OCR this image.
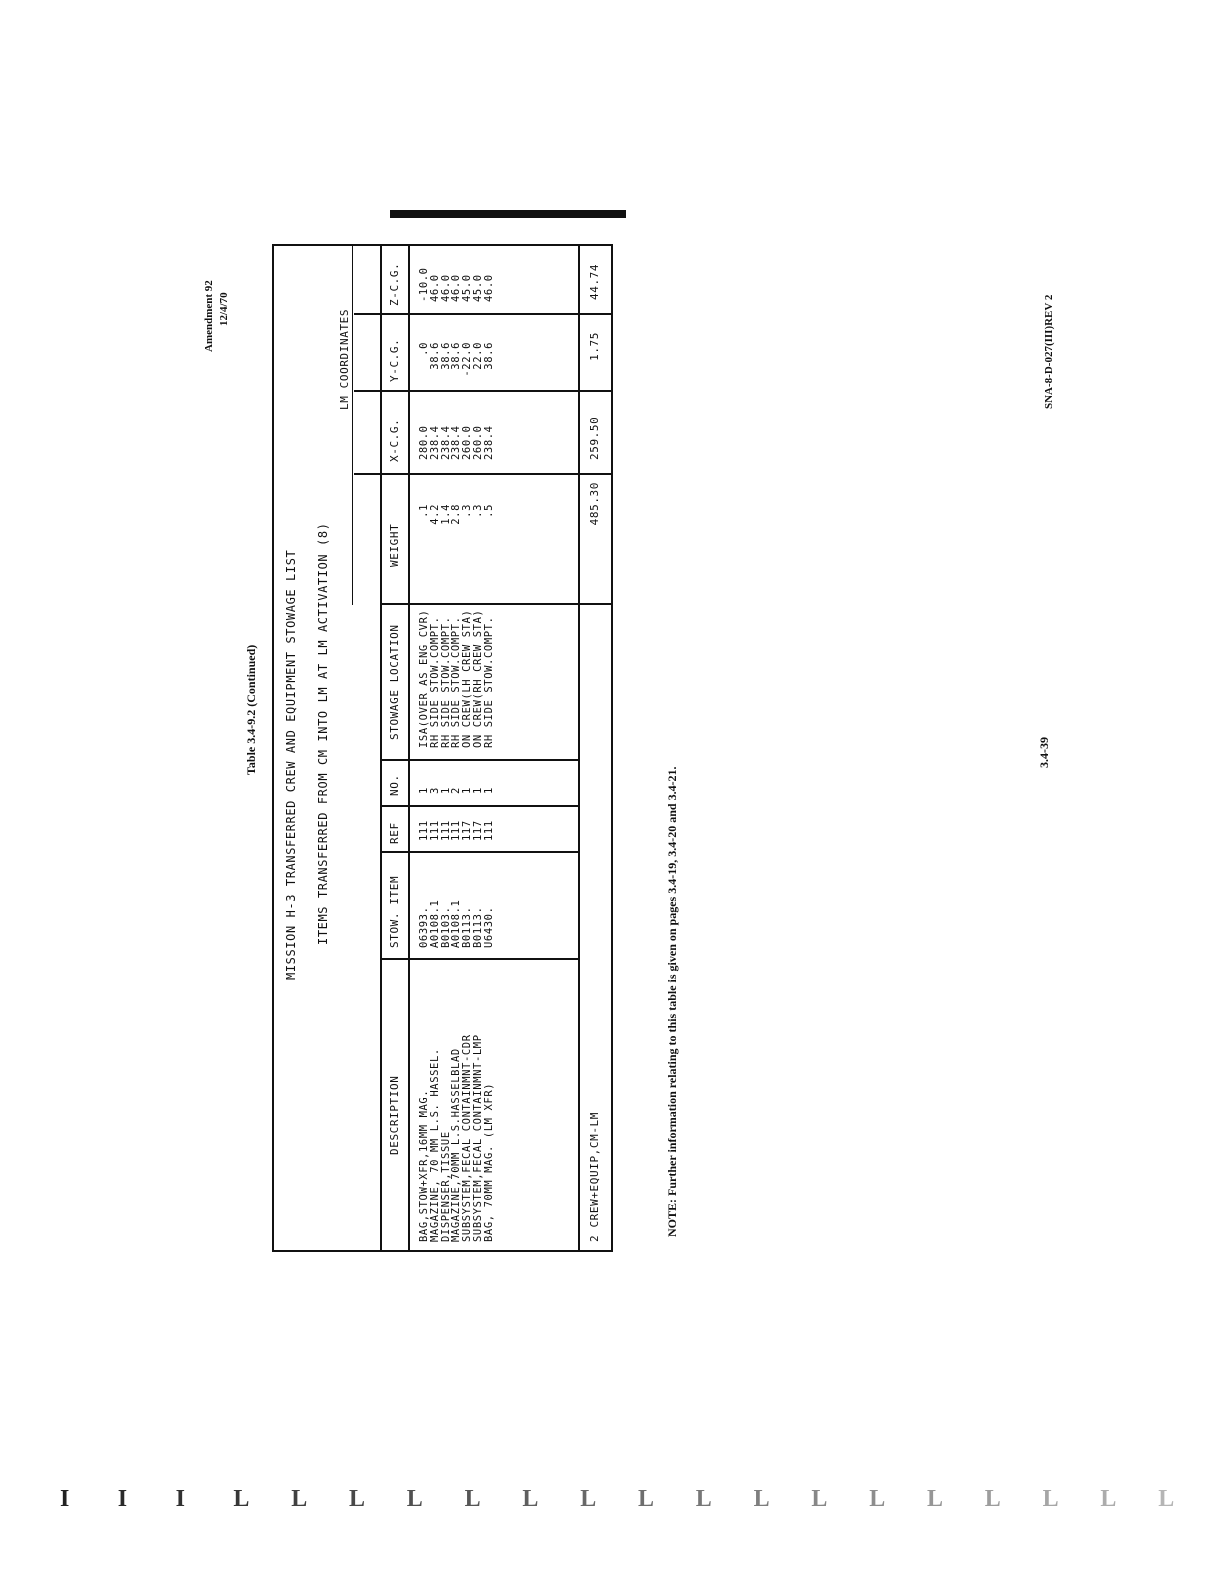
Amendment 92 12/4/70
Table 3.4-9.2 (Continued) MISSION H-3 TRANSFERRED CREW AND EQUIPMENT STOWAGE LIST ITEMS TRANSFERRED FROM CM INTO LM AT LM ACTIVATION (8)
LM COORDINATES
DESCRIPTION
STOW. ITEM
REF
NO.
STOWAGE LOCATION
WEIGHT
X-C.G.
Y-C.G.
Z-C.G.
BAG,STOW+XFR,16MM MAG.
06393.
111
1
ISA(OVER AS ENG CVR)
.1
280.0
.0
-10.0
MAGAZINE, 70 MM L.S. HASSEL.
A0108.1
111
3
RH SIDE STOW.COMPT.
4.2
238.4
38.6
46.0
DISPENSER,TISSUE
B0103.
111
1
RH SIDE STOW.COMPT.
1.4
238.4
38.6
46.0
MAGAZINE,70MM L.S.HASSELBLAD
A0108.1
111
2
RH SIDE STOW.COMPT.
2.8
238.4
38.6
46.0
SUBSYSTEM,FECAL CONTAINMNT-CDR
B0113.
117
1
ON CREW(LH CREW STA)
.3
260.0
-22.0
45.0
SUBSYSTEM,FECAL CONTAINMNT-LMP
B0113.
117
1
ON CREW(RH CREW STA)
.3
260.0
22.0
45.0
BAG, 70MM MAG. (LM XFR)
U6430.
111
1
RH SIDE STOW.COMPT.
.5
238.4
38.6
46.0
2 CREW+EQUIP,CM-LM
485.30
259.50
1.75
44.74
NOTE: Further information relating to this table is given on pages 3.4-19, 3.4-20 and 3.4-21.
3.4-39
SNA-8-D-027(III)REV 2
I I I L L L L L L L L L L L L L L L L L
